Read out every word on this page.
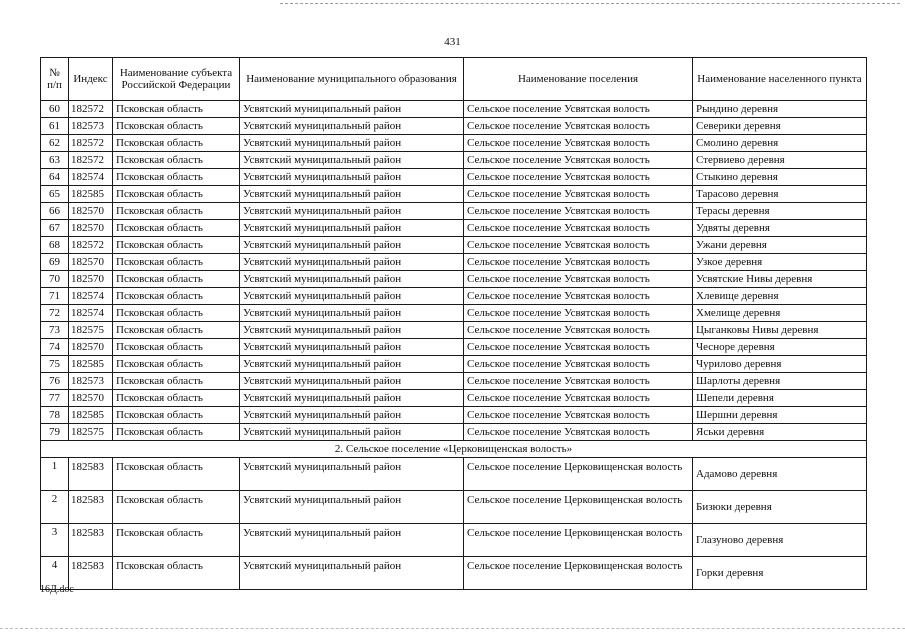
431
№ п/п	Индекс	Наименование субъекта Российской Федерации	Наименование муниципального образования	Наименование поселения	Наименование населенного пункта
60	182572	Псковская область	Усвятский муниципальный район	Сельское поселение Усвятская волость	Рындино деревня
61	182573	Псковская область	Усвятский муниципальный район	Сельское поселение Усвятская волость	Северики деревня
62	182572	Псковская область	Усвятский муниципальный район	Сельское поселение Усвятская волость	Смолино деревня
63	182572	Псковская область	Усвятский муниципальный район	Сельское поселение Усвятская волость	Стервиево деревня
64	182574	Псковская область	Усвятский муниципальный район	Сельское поселение Усвятская волость	Стыкино деревня
65	182585	Псковская область	Усвятский муниципальный район	Сельское поселение Усвятская волость	Тарасово деревня
66	182570	Псковская область	Усвятский муниципальный район	Сельское поселение Усвятская волость	Терасы деревня
67	182570	Псковская область	Усвятский муниципальный район	Сельское поселение Усвятская волость	Удвяты деревня
68	182572	Псковская область	Усвятский муниципальный район	Сельское поселение Усвятская волость	Ужани деревня
69	182570	Псковская область	Усвятский муниципальный район	Сельское поселение Усвятская волость	Узкое деревня
70	182570	Псковская область	Усвятский муниципальный район	Сельское поселение Усвятская волость	Усвятские Нивы деревня
71	182574	Псковская область	Усвятский муниципальный район	Сельское поселение Усвятская волость	Хлевище деревня
72	182574	Псковская область	Усвятский муниципальный район	Сельское поселение Усвятская волость	Хмелище деревня
73	182575	Псковская область	Усвятский муниципальный район	Сельское поселение Усвятская волость	Цыганковы Нивы деревня
74	182570	Псковская область	Усвятский муниципальный район	Сельское поселение Усвятская волость	Чесноре деревня
75	182585	Псковская область	Усвятский муниципальный район	Сельское поселение Усвятская волость	Чурилово деревня
76	182573	Псковская область	Усвятский муниципальный район	Сельское поселение Усвятская волость	Шарлоты деревня
77	182570	Псковская область	Усвятский муниципальный район	Сельское поселение Усвятская волость	Шепели деревня
78	182585	Псковская область	Усвятский муниципальный район	Сельское поселение Усвятская волость	Шершни деревня
79	182575	Псковская область	Усвятский муниципальный район	Сельское поселение Усвятская волость	Яськи деревня
2. Сельское поселение «Церковищенская волость»					
1	182583	Псковская область	Усвятский муниципальный район	Сельское поселение Церковищенская волость	Адамово деревня
2	182583	Псковская область	Усвятский муниципальный район	Сельское поселение Церковищенская волость	Бизюки деревня
3	182583	Псковская область	Усвятский муниципальный район	Сельское поселение Церковищенская волость	Глазуново деревня
4	182583	Псковская область	Усвятский муниципальный район	Сельское поселение Церковищенская волость	Горки деревня
16Д.doc
